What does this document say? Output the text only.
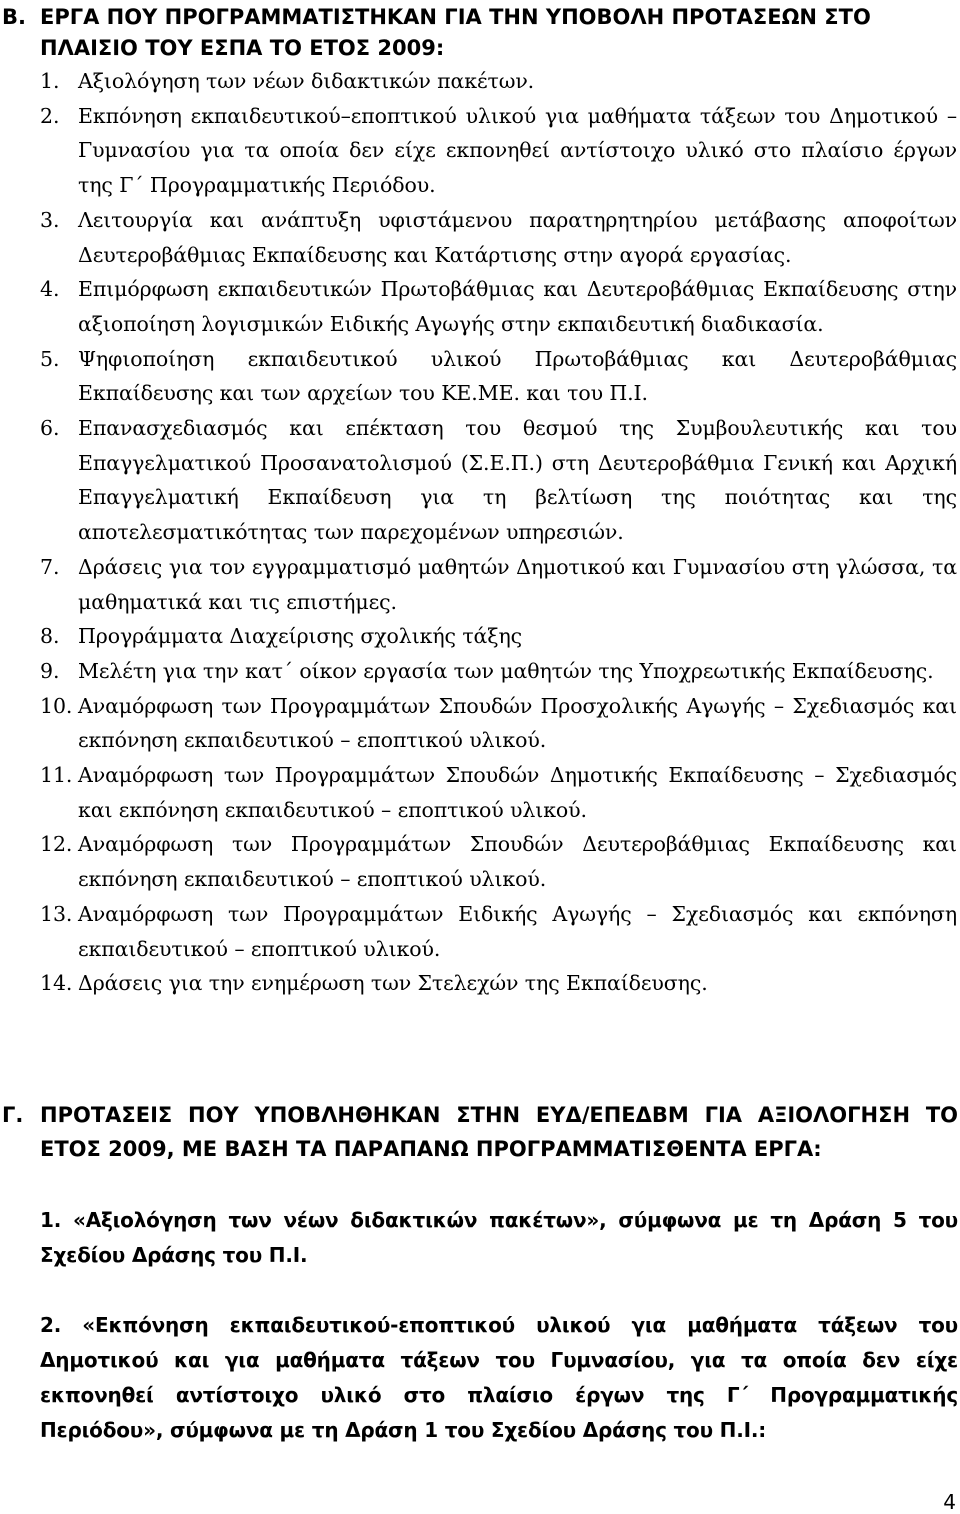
Β. ΕΡΓΑ ΠΟΥ ΠΡΟΓΡΑΜΜΑΤΙΣΤΗΚΑΝ ΓΙΑ ΤΗΝ ΥΠΟΒΟΛΗ ΠΡΟΤΑΣΕΩΝ ΣΤΟ ΠΛΑΙΣΙΟ ΤΟΥ ΕΣΠΑ ΤΟ ΕΤΟΣ 2009:
1. Αξιολόγηση των νέων διδακτικών πακέτων.
2. Εκπόνηση εκπαιδευτικού–εποπτικού υλικού για μαθήματα τάξεων του Δημοτικού – Γυμνασίου για τα οποία δεν είχε εκπονηθεί αντίστοιχο υλικό στο πλαίσιο έργων της Γ΄ Προγραμματικής Περιόδου.
3. Λειτουργία και ανάπτυξη υφιστάμενου παρατηρητηρίου μετάβασης αποφοίτων Δευτεροβάθμιας Εκπαίδευσης και Κατάρτισης στην αγορά εργασίας.
4. Επιμόρφωση εκπαιδευτικών Πρωτοβάθμιας και Δευτεροβάθμιας Εκπαίδευσης στην αξιοποίηση λογισμικών Ειδικής Αγωγής στην εκπαιδευτική διαδικασία.
5. Ψηφιοποίηση εκπαιδευτικού υλικού Πρωτοβάθμιας και Δευτεροβάθμιας Εκπαίδευσης και των αρχείων του ΚΕ.ΜΕ. και του Π.Ι.
6. Επανασχεδιασμός και επέκταση του θεσμού της Συμβουλευτικής και του Επαγγελματικού Προσανατολισμού (Σ.Ε.Π.) στη Δευτεροβάθμια Γενική και Αρχική Επαγγελματική Εκπαίδευση για τη βελτίωση της ποιότητας και της αποτελεσματικότητας των παρεχομένων υπηρεσιών.
7. Δράσεις για τον εγγραμματισμό μαθητών Δημοτικού και Γυμνασίου στη γλώσσα, τα μαθηματικά και τις επιστήμες.
8. Προγράμματα Διαχείρισης σχολικής τάξης
9. Μελέτη για την κατ΄ οίκον εργασία των μαθητών της Υποχρεωτικής Εκπαίδευσης.
10. Αναμόρφωση των Προγραμμάτων Σπουδών Προσχολικής Αγωγής – Σχεδιασμός και εκπόνηση εκπαιδευτικού – εποπτικού υλικού.
11. Αναμόρφωση των Προγραμμάτων Σπουδών Δημοτικής Εκπαίδευσης – Σχεδιασμός και εκπόνηση εκπαιδευτικού – εποπτικού υλικού.
12. Αναμόρφωση των Προγραμμάτων Σπουδών Δευτεροβάθμιας Εκπαίδευσης και εκπόνηση εκπαιδευτικού – εποπτικού υλικού.
13. Αναμόρφωση των Προγραμμάτων Ειδικής Αγωγής – Σχεδιασμός και εκπόνηση εκπαιδευτικού – εποπτικού υλικού.
14. Δράσεις για την ενημέρωση των Στελεχών της Εκπαίδευσης.
Γ. ΠΡΟΤΑΣΕΙΣ ΠΟΥ ΥΠΟΒΛΗΘΗΚΑΝ ΣΤΗΝ ΕΥΔ/ΕΠΕΔΒΜ ΓΙΑ ΑΞΙΟΛΟΓΗΣΗ ΤΟ ΕΤΟΣ 2009, ΜΕ ΒΑΣΗ ΤΑ ΠΑΡΑΠΑΝΩ ΠΡΟΓΡΑΜΜΑΤΙΣΘΕΝΤΑ ΕΡΓΑ:
1. «Αξιολόγηση των νέων διδακτικών πακέτων», σύμφωνα με τη Δράση 5 του Σχεδίου Δράσης του Π.Ι.
2. «Εκπόνηση εκπαιδευτικού-εποπτικού υλικού για μαθήματα τάξεων του Δημοτικού και για μαθήματα τάξεων του Γυμνασίου, για τα οποία δεν είχε εκπονηθεί αντίστοιχο υλικό στο πλαίσιο έργων της Γ΄ Προγραμματικής Περιόδου», σύμφωνα με τη Δράση 1 του Σχεδίου Δράσης του Π.Ι.:
4
